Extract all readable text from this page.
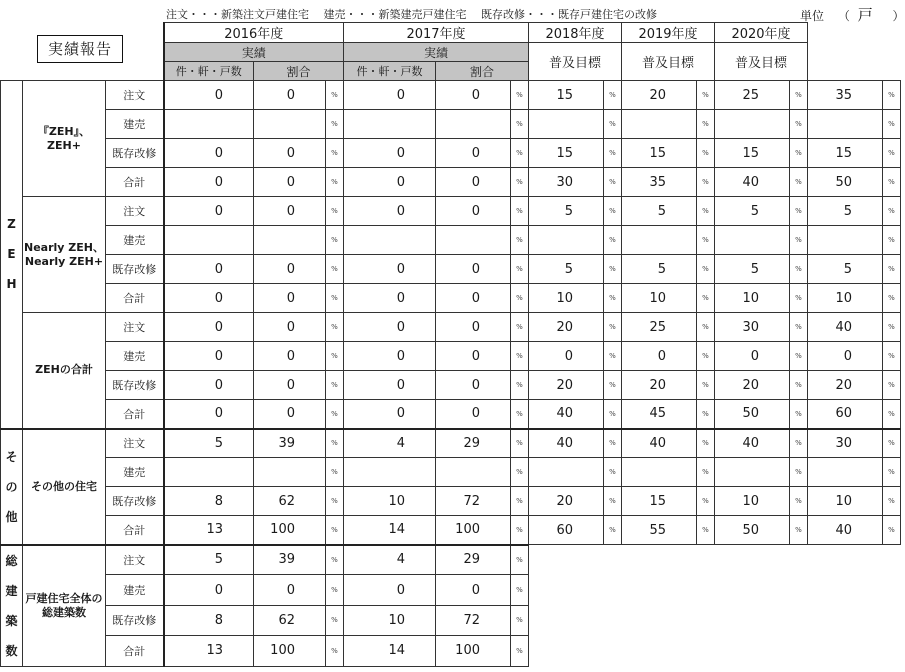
注文・・・新築注文戸建住宅　 建売・・・新築建売戸建住宅　 既存改修・・・既存戸建住宅の改修	単位 （ 戸 ）
			2016年度			2017年度			2018年度		2019年度		2020年度			
			実績			実績			普及目標		普及目標		普及目標			
			件・軒・戸数	割合		件・軒・戸数	割合									
Z
E
H	『ZEH』、ZEH+	注文	0	0	%	0	0	%	15	%	20	%	25	%	35	%
		建売			%			%		%		%		%		%
		既存改修	0	0	%	0	0	%	15	%	15	%	15	%	15	%
		合計	0	0	%	0	0	%	30	%	35	%	40	%	50	%
	Nearly ZEH、Nearly ZEH+	注文	0	0	%	0	0	%	5	%	5	%	5	%	5	%
		建売			%			%		%		%		%		%
		既存改修	0	0	%	0	0	%	5	%	5	%	5	%	5	%
		合計	0	0	%	0	0	%	10	%	10	%	10	%	10	%
	ZEHの合計	注文	0	0	%	0	0	%	20	%	25	%	30	%	40	%
		建売	0	0	%	0	0	%	0	%	0	%	0	%	0	%
		既存改修	0	0	%	0	0	%	20	%	20	%	20	%	20	%
		合計	0	0	%	0	0	%	40	%	45	%	50	%	60	%
そ
の
他	その他の住宅	注文	5	39	%	4	29	%	40	%	40	%	40	%	30	%
		建売			%			%		%		%		%		%
		既存改修	8	62	%	10	72	%	20	%	15	%	10	%	10	%
		合計	13	100	%	14	100	%	60	%	55	%	50	%	40	%
総
建
築
数	戸建住宅全体の総建築数	注文	5	39	%	4	29	%								
		建売	0	0	%	0	0	%								
		既存改修	8	62	%	10	72	%								
		合計	13	100	%	14	100	%								
実績報告
